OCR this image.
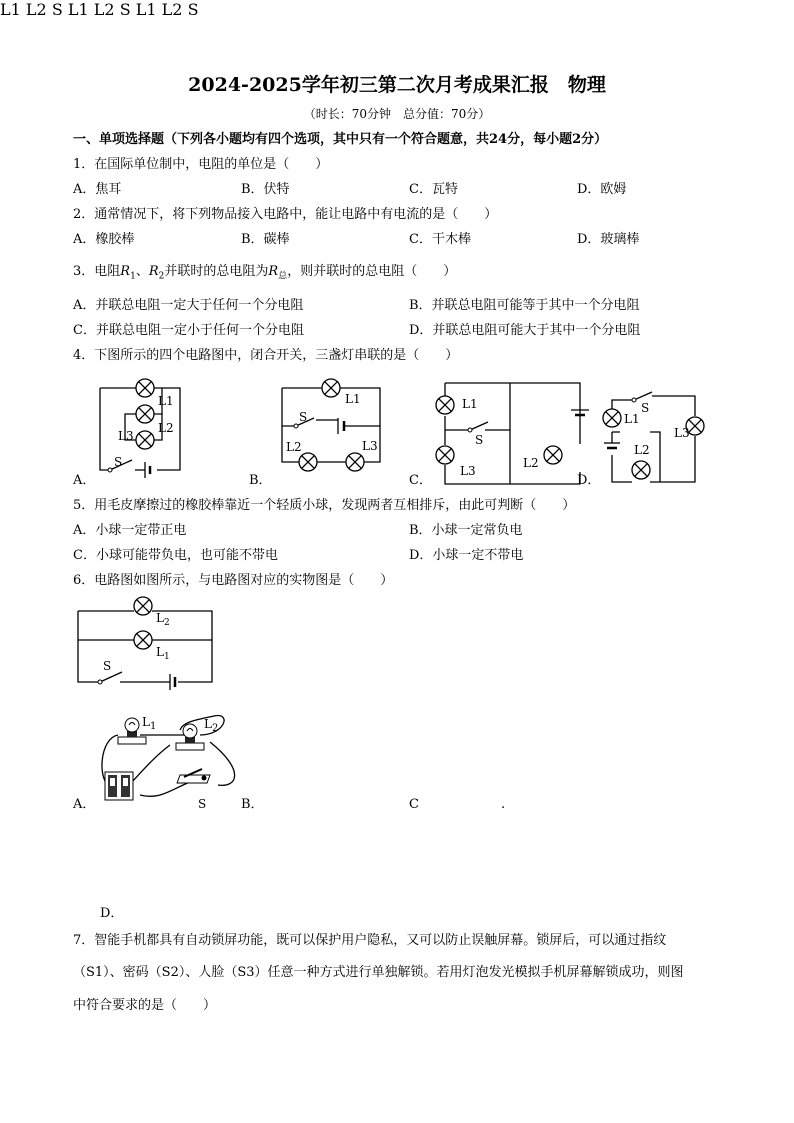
2024-2025学年初三第二次月考成果汇报　物理
（时长：70分钟　总分值：70分）
一、单项选择题（下列各小题均有四个选项，其中只有一个符合题意，共24分，每小题2分）
1．在国际单位制中，电阻的单位是（　　）
A．焦耳	B．伏特	C．瓦特	D．欧姆
2．通常情况下，将下列物品接入电路中，能让电路中有电流的是（　　）
A．橡胶棒	B．碳棒	C．干木棒	D．玻璃棒
3．电阻$R_1$、$R_2$并联时的总电阻为$R_总$，则并联时的总电阻（　　）
A．并联总电阻一定大于任何一个分电阻	B．并联总电阻可能等于其中一个分电阻
C．并联总电阻一定小于任何一个分电阻	D．并联总电阻可能大于其中一个分电阻
4．下图所示的四个电路图中，闭合开关，三盏灯串联的是（　　）
A．	B．	C．	D．
L1
L2
L3
S
L1
L2	L3
S
L1
L3
L2
S
L1
L3
L2
S
5．用毛皮摩擦过的橡胶棒靠近一个轻质小球，发现两者互相排斥，由此可判断（　　）
A．小球一定带正电	B．小球一定常负电
C．小球可能带负电，也可能不带电	D．小球一定不带电
6．电路图如图所示，与电路图对应的实物图是（　　）
$L_2$
$L_1$
S
$L_1$	$L_2$
S
L1 L2 S L1 L2 S L1 L2 S
A．	B．	C	.
D．
7．智能手机都具有自动锁屏功能，既可以保护用户隐私，又可以防止误触屏幕。锁屏后，可以通过指纹
（S1）、密码（S2）、人脸（S3）任意一种方式进行单独解锁。若用灯泡发光模拟手机屏幕解锁成功，则图
中符合要求的是（　　）
